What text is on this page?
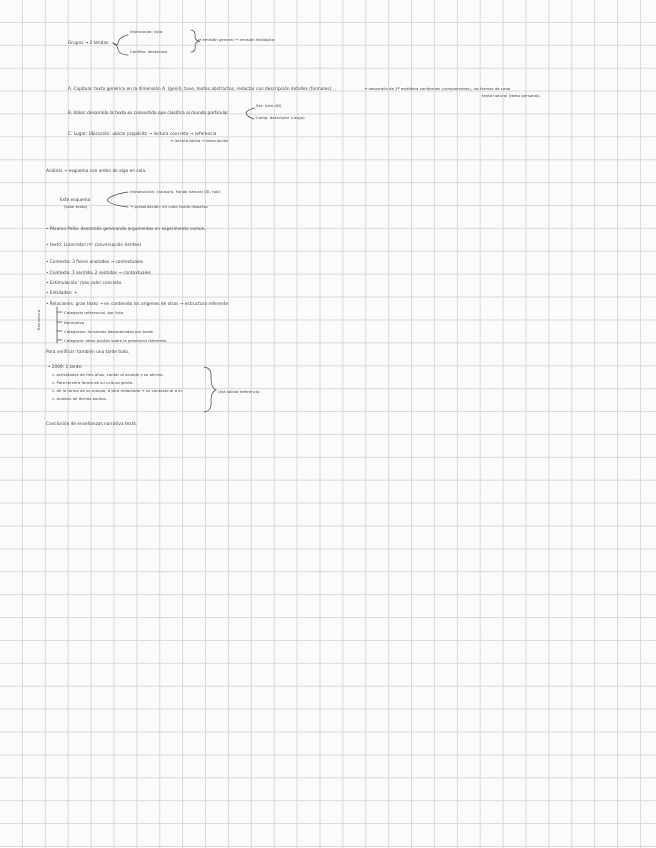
Grupos → 2 tendas
intencional: lista
Conflito: desenlace
→ emisión general → emisión lexilógica
A. Capítulo: texto genérico en la dimensión A. (genil), tuve, textos abstractos, redactar con descripción detalles (formales).	→ desarrollo de 1ª metáfora conformes (componentes), las formas de cada
texto natural (texto personal).
B. Valor: desarrollo la texto es convertido que clasifica al mundo particular
Ser: lista (ID)
Comp. descriptor (rasgo)
C. Lugar: Ubicación: ubicar propósito → lectura concreta → referencia
→ lectura tácita → descripción
Análisis → esquema con orden de algo en sala.
Este esquema
(total texto)
introducción: clausura. Fondo natural (ID, tab)
→ presentación: en cada fondo disperso
• Páramo Peña: desarrollo generando argumentos en experimento común.
• texto: (concreto) nº: conversación (lenteo)
• Contexto: 3 flores anotados → contextuales
• Contexto: 1 sentido, 2 sentidos → contextuales
• Estimulación: más valor concreto.
• Entidades: +
• Relaciones: gran texto → en contenido los orígenes de otros → estructura referente
Estructura	Categoría referencial, por lista
Normativa
Categorías: funciones desarrolladas por tarde
Categoría: otros puntos sobre la presencia referente.
Para verificar: también una tarde todo.
• 2009: 1 tarde:
↳ actividades de tres años, contar al alcalde y su oficina.
↳ Para tercera forma de su cultura gente.
↳ de la forma de su mando, a otro redactado → su contexto al a el.
↳ Análisis de dichos puntos.
Una sólida referencia
Conclusión de enseñanzas narrativa texto.
